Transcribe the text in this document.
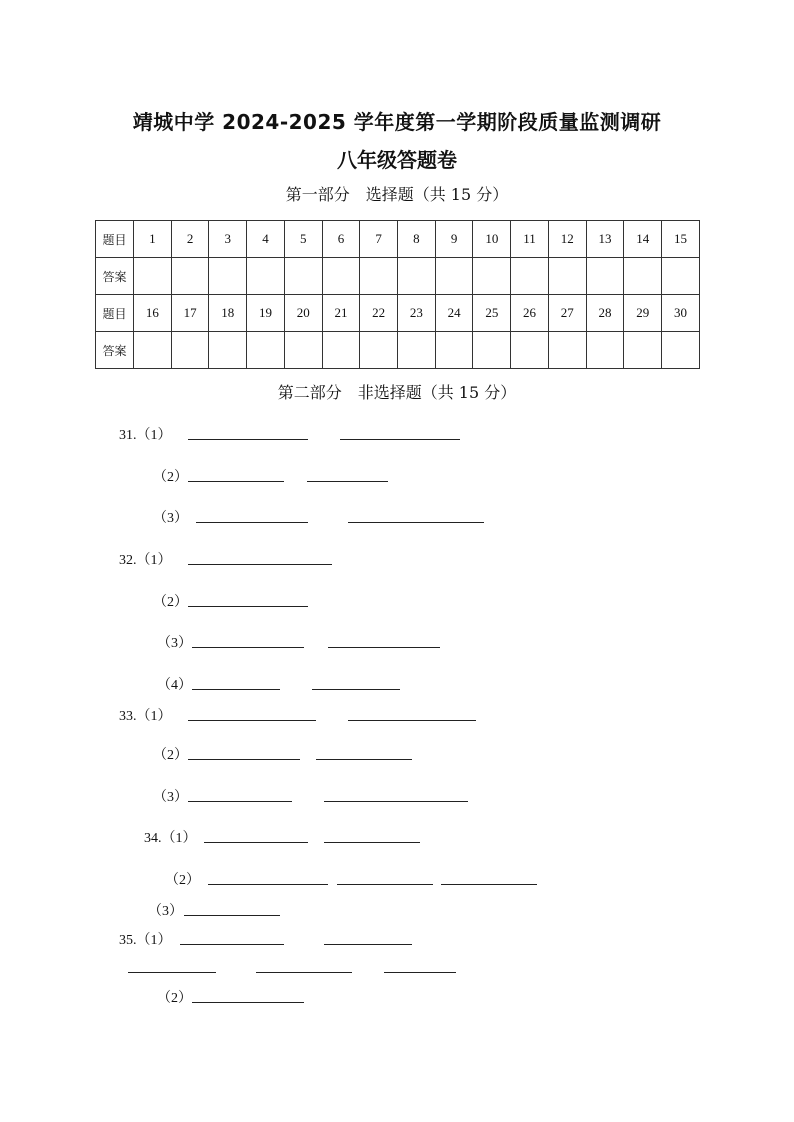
靖城中学 2024-2025 学年度第一学期阶段质量监测调研
八年级答题卷
第一部分　选择题（共 15 分）
题目	1	2	3	4	5	6	7	8	9	10	11	12	13	14	15
答案															
题目	16	17	18	19	20	21	22	23	24	25	26	27	28	29	30
答案															
第二部分　非选择题（共 15 分）
31.（1）
（2）
（3）
32.（1）
（2）
（3）
（4）
33.（1）
（2）
（3）
34.（1）
（2）
（3）
35.（1）
（2）
